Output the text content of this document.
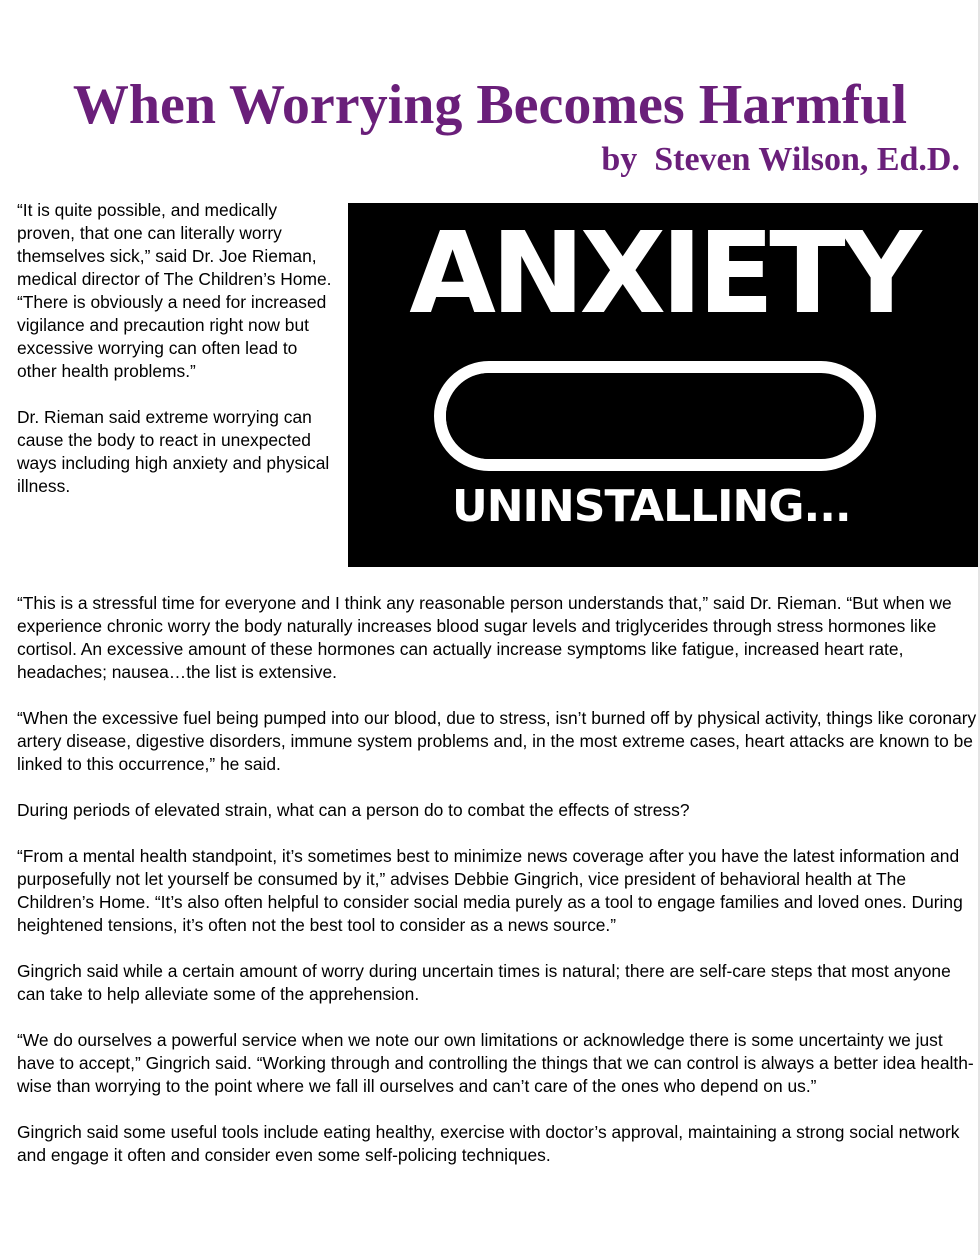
When Worrying Becomes Harmful
by  Steven Wilson, Ed.D.

“It is quite possible, and medically proven, that one can literally worry themselves sick,” said Dr. Joe Rieman, medical director of The Children’s Home. “There is obviously a need for increased vigilance and precaution right now but excessive worrying can often lead to other health problems.”

Dr. Rieman said extreme worrying can cause the body to react in unexpected ways including high anxiety and physical illness.

ANXIETY
UNINSTALLING...

“This is a stressful time for everyone and I think any reasonable person understands that,” said Dr. Rieman. “But when we experience chronic worry the body naturally increases blood sugar levels and triglycerides through stress hormones like cortisol. An excessive amount of these hormones can actually increase symptoms like fatigue, increased heart rate, headaches; nausea…the list is extensive.

“When the excessive fuel being pumped into our blood, due to stress, isn’t burned off by physical activity, things like coronary artery disease, digestive disorders, immune system problems and, in the most extreme cases, heart attacks are known to be linked to this occurrence,” he said.

During periods of elevated strain, what can a person do to combat the effects of stress?

“From a mental health standpoint, it’s sometimes best to minimize news coverage after you have the latest information and purposefully not let yourself be consumed by it,” advises Debbie Gingrich, vice president of behavioral health at The Children’s Home. “It’s also often helpful to consider social media purely as a tool to engage families and loved ones. During heightened tensions, it’s often not the best tool to consider as a news source.”

Gingrich said while a certain amount of worry during uncertain times is natural; there are self-care steps that most anyone can take to help alleviate some of the apprehension.

“We do ourselves a powerful service when we note our own limitations or acknowledge there is some uncertainty we just have to accept,” Gingrich said. “Working through and controlling the things that we can control is always a better idea health-wise than worrying to the point where we fall ill ourselves and can’t care of the ones who depend on us.”

Gingrich said some useful tools include eating healthy, exercise with doctor’s approval, maintaining a strong social network and engage it often and consider even some self-policing techniques.
